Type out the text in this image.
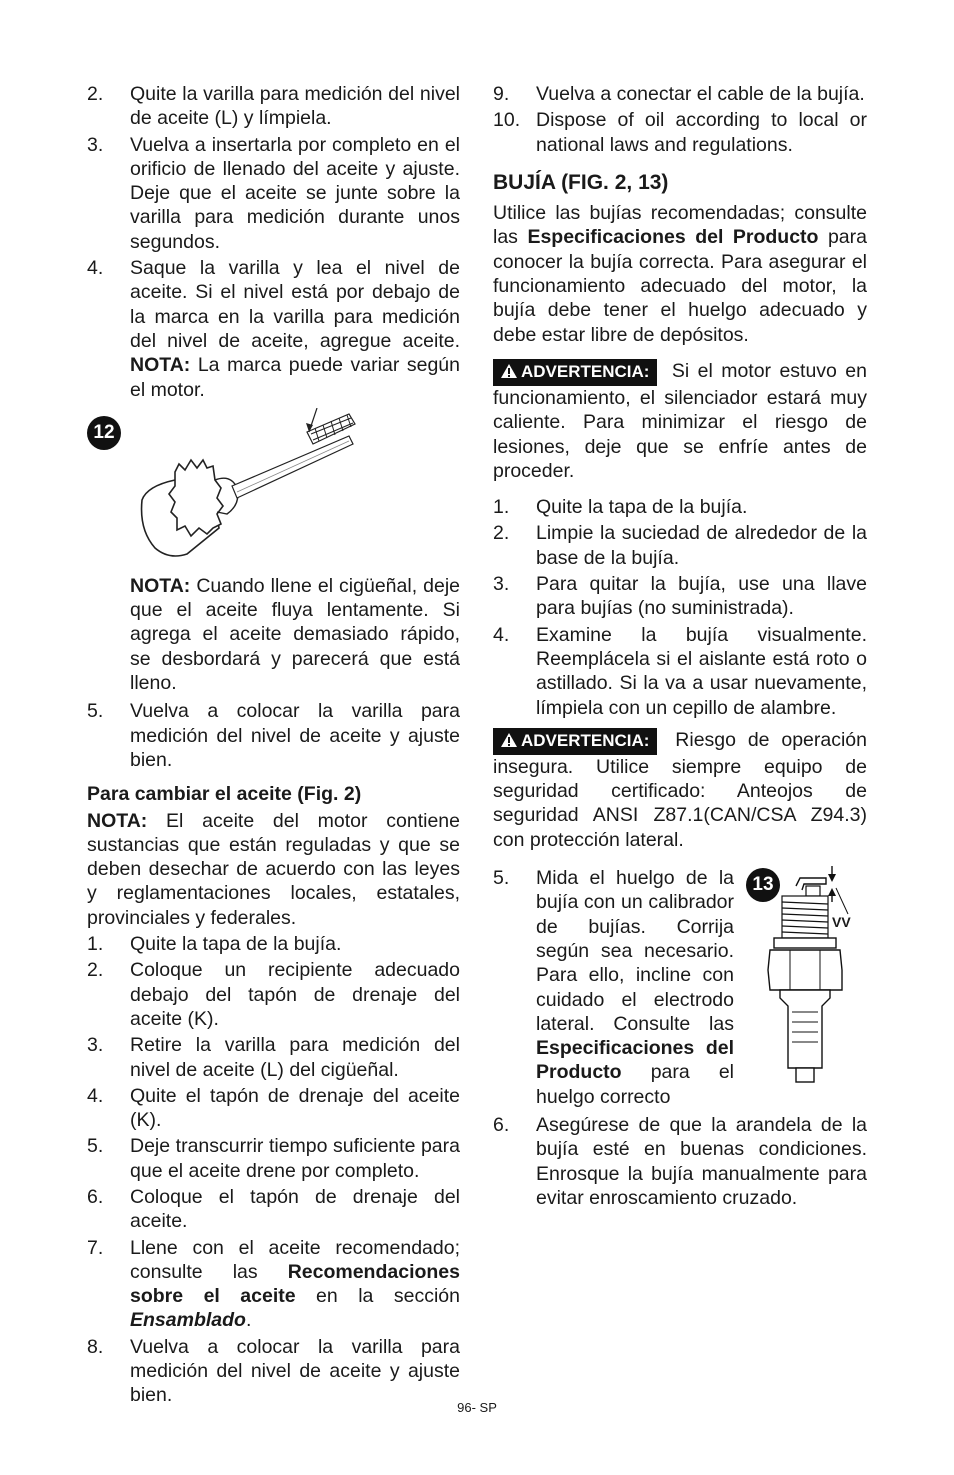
2.	Quite la varilla para medición del nivel de aceite (L) y límpiela.
3.	Vuelva a insertarla por completo en el orificio de llenado del aceite y ajuste. Deje que el aceite se junte sobre la varilla para medición durante unos segundos.
4.	Saque la varilla y lea el nivel de aceite. Si el nivel está por debajo de la marca en la varilla para medición del nivel de aceite, agregue aceite. NOTA: La marca puede variar según el motor.
12

NOTA: Cuando llene el cigüeñal, deje que el aceite fluya lentamente. Si agrega el aceite demasiado rápido, se desbordará y parecerá que está lleno.

5.	Vuelva a colocar la varilla para medición del nivel de aceite y ajuste bien.
Para cambiar el aceite (Fig. 2)

NOTA: El aceite del motor contiene sustancias que están reguladas y que se deben desechar de acuerdo con las leyes y reglamentaciones locales, estatales, provinciales y federales.

1.	Quite la tapa de la bujía.
2.	Coloque un recipiente adecuado debajo del tapón de drenaje del aceite (K).
3.	Retire la varilla para medición del nivel de aceite (L) del cigüeñal.
4.	Quite el tapón de drenaje del aceite (K).
5.	Deje transcurrir tiempo suficiente para que el aceite drene por completo.
6.	Coloque el tapón de drenaje del aceite.
7.	Llene con el aceite recomendado; consulte las Recomendaciones sobre el aceite en la sección Ensamblado.
8.	Vuelva a colocar la varilla para medición del nivel de aceite y ajuste bien.
9.	Vuelva a conectar el cable de la bujía.
10. Dispose of oil according to local or national laws and regulations.
BUJÍA (FIG. 2, 13)

Utilice las bujías recomendadas; consulte las Especificaciones del Producto para conocer la bujía correcta. Para asegurar el funcionamiento adecuado del motor, la bujía debe tener el huelgo adecuado y debe estar libre de depósitos.

ADVERTENCIA: Si el motor estuvo en funcionamiento, el silenciador estará muy caliente. Para minimizar el riesgo de lesiones, deje que se enfríe antes de proceder.

1.	Quite la tapa de la bujía.
2.	Limpie la suciedad de alrededor de la base de la bujía.
3.	Para quitar la bujía, use una llave para bujías (no suministrada).
4.	Examine la bujía visualmente. Reemplácela si el aislante está roto o astillado. Si la va a usar nuevamente, límpiela con un cepillo de alambre.

ADVERTENCIA: Riesgo de operación insegura. Utilice siempre equipo de seguridad certificado: Anteojos de seguridad ANSI Z87.1(CAN/CSA Z94.3) con protección lateral.

5.	Mida el huelgo de la bujía con un calibrador de bujías. Corrija según sea necesario. Para ello, incline con cuidado el electrodo lateral. Consulte las Especificaciones del Producto para el huelgo correcto
13
VV
6.	Asegúrese de que la arandela de la bujía esté en buenas condiciones. Enrosque la bujía manualmente para evitar enroscamiento cruzado.
96- SP
